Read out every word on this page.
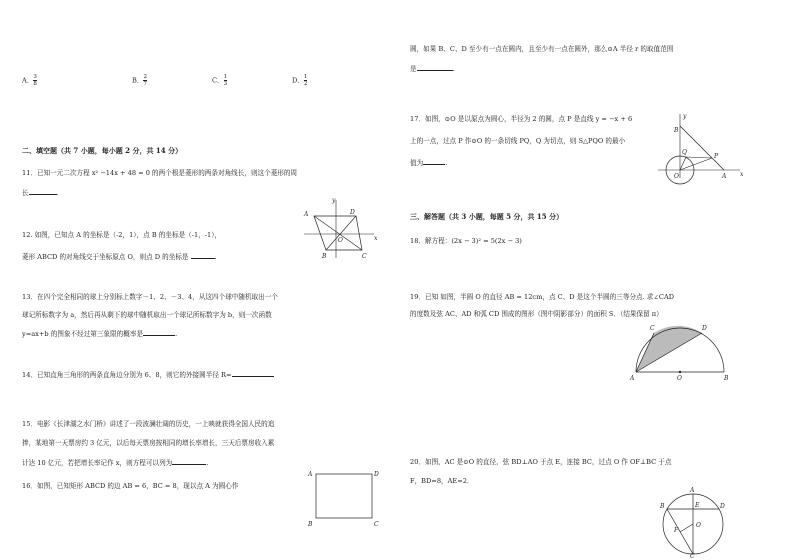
A． $\frac{3}{8}$	B． $\frac{2}{7}$	C． $\frac{1}{3}$	D． $\frac{1}{2}$
二、填空题（共 7 小题，每小题 2 分，共 14 分）
11．已知一元二次方程 x² −14x + 48 = 0 的两个根是菱形的两条对角线长，则这个菱形的周
长	.
12. 如图，已知点 A 的坐标是（-2，1），点 B 的坐标是（-1，-1），
菱形 ABCD 的对角线交于坐标原点 O，则点 D 的坐标是	.
A
B	C
D
O	x
y
13．在四个完全相同的球上分别标上数字－1、2、－3、4，从这四个球中随机取出一个
球记所标数字为 a，然后再从剩下的球中随机取出一个球记所标数字为 b，则一次函数
y=ax+b 的图象不经过第三象限的概率是	.
14．已知直角三角形的两条直角边分别为 6、8，则它的外接圆半径 R=
15．电影《长津湖之水门桥》讲述了一段波澜壮阔的历史，一上映就获得全国人民的追
捧，某地第一天票房约 3 亿元，以后每天票房按相同的增长率增长，三天后票房收入累
计达 10 亿元，若把增长率记作 x，则方程可以列为	.
16．如图，已知矩形 ABCD 的边 AB = 6，BC = 8，现以点 A 为圆心作
A
B	C
D
圆，如果 B、C、D 至少有一点在圆内，且至少有一点在圆外，那么⊙A 半径 r 的取值范围
是	.
17．如图，⊙O 是以原点为圆心，半径为 2 的圆，点 P 是直线 y = −x + 6
上的一点，过点 P 作⊙O 的一条切线 PQ，Q 为切点，则 S△PQO 的最小
值为	.
B
A
O
P
Q
x
y
三、解答题（共 3 小题，每题 5 分，共 15 分）
18．解方程：(2x − 3)² = 5(2x − 3)
19．已知 如图，半圆 O 的直径 AB = 12cm，点 C、D 是这个半圆的三等分点. 求∠CAD
的度数及弦 AC、AD 和弧 CD 围成的图形（图中阴影部分）的面积 S．（结果保留 π）
A	B
C	D
O
20．如图，AC 是⊙O 的直径，弦 BD⊥AO 于点 E，连接 BC，过点 O 作 OF⊥BC 于点
F，BD=8，AE=2．
A
B
C
D
E
F
O
